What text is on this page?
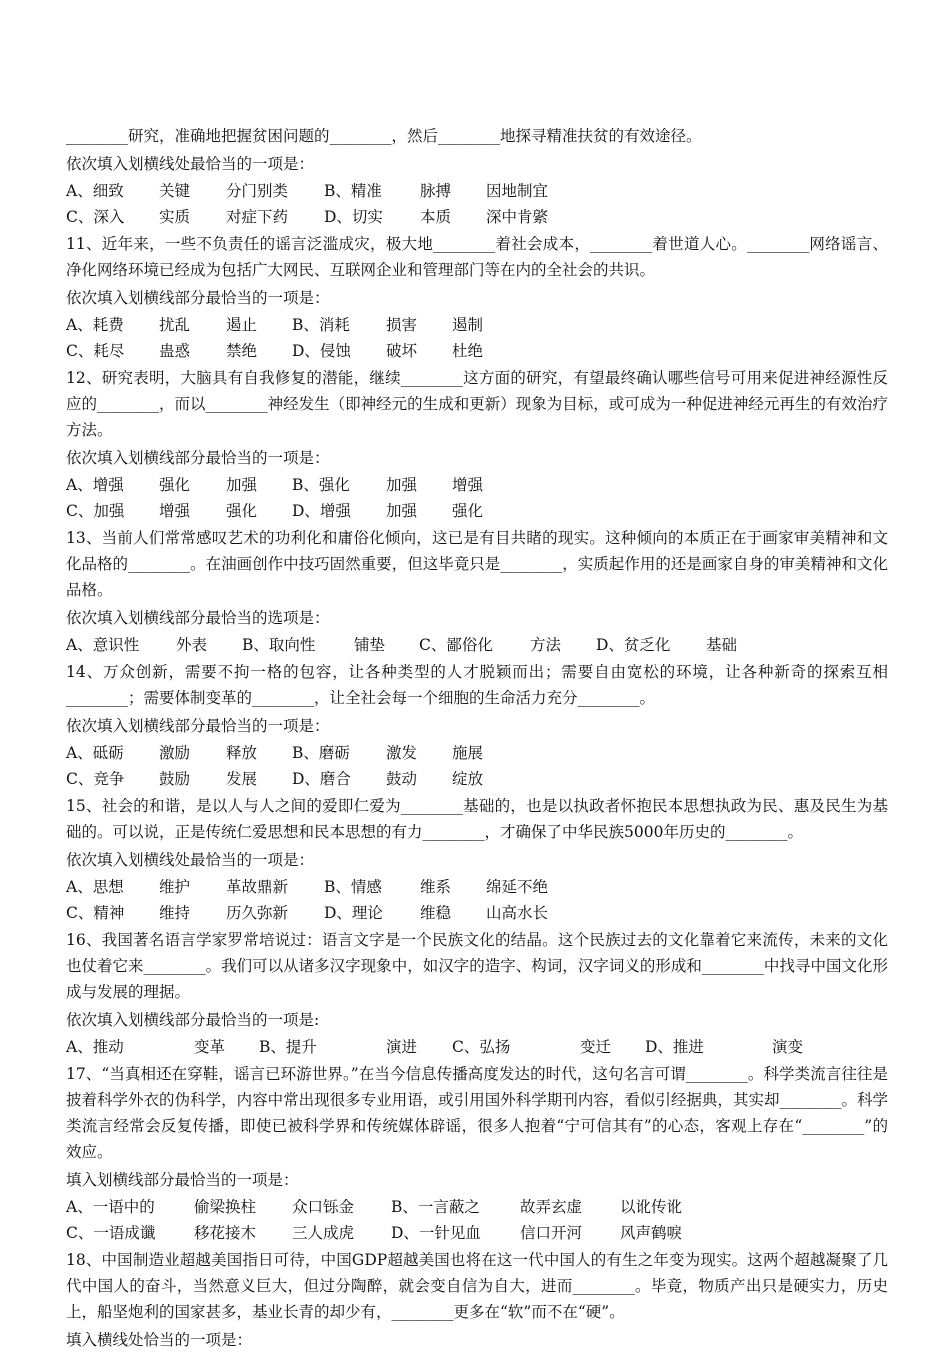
________研究，准确地把握贫困问题的________，然后________地探寻精准扶贫的有效途径。

依次填入划横线处最恰当的一项是：

A、细致 关键 分门别类 B、精准 脉搏 因地制宜
C、深入 实质 对症下药 D、切实 本质 深中肯綮

11、近年来，一些不负责任的谣言泛滥成灾，极大地________着社会成本，________着世道人心。________网络谣言、净化网络环境已经成为包括广大网民、互联网企业和管理部门等在内的全社会的共识。

依次填入划横线部分最恰当的一项是：

A、耗费 扰乱 遏止 B、消耗 损害 遏制
C、耗尽 蛊惑 禁绝 D、侵蚀 破坏 杜绝

12、研究表明，大脑具有自我修复的潜能，继续________这方面的研究，有望最终确认哪些信号可用来促进神经源性反应的________，而以________神经发生（即神经元的生成和更新）现象为目标，或可成为一种促进神经元再生的有效治疗方法。

依次填入划横线部分最恰当的一项是：

A、增强 强化 加强 B、强化 加强 增强
C、加强 增强 强化 D、增强 加强 强化

13、当前人们常常感叹艺术的功利化和庸俗化倾向，这已是有目共睹的现实。这种倾向的本质正在于画家审美精神和文化品格的________。在油画创作中技巧固然重要，但这毕竟只是________，实质起作用的还是画家自身的审美精神和文化品格。

依次填入划横线部分最恰当的选项是：

A、意识性 外表 B、取向性 铺垫 C、鄙俗化 方法 D、贫乏化 基础

14、万众创新，需要不拘一格的包容，让各种类型的人才脱颖而出；需要自由宽松的环境，让各种新奇的探索互相________；需要体制变革的________，让全社会每一个细胞的生命活力充分________。

依次填入划横线部分最恰当的一项是：

A、砥砺 激励 释放 B、磨砺 激发 施展
C、竞争 鼓励 发展 D、磨合 鼓动 绽放

15、社会的和谐，是以人与人之间的爱即仁爱为________基础的，也是以执政者怀抱民本思想执政为民、惠及民生为基础的。可以说，正是传统仁爱思想和民本思想的有力________，才确保了中华民族5000年历史的________。

依次填入划横线处最恰当的一项是：

A、思想 维护 革故鼎新 B、情感 维系 绵延不绝
C、精神 维持 历久弥新 D、理论 维稳 山高水长

16、我国著名语言学家罗常培说过：语言文字是一个民族文化的结晶。这个民族过去的文化靠着它来流传，未来的文化也仗着它来________。我们可以从诸多汉字现象中，如汉字的造字、构词，汉字词义的形成和________中找寻中国文化形成与发展的理据。

依次填入划横线部分最恰当的一项是:

A、推动	变革 B、提升	演进 C、弘扬	变迁 D、推进	演变

17、“当真相还在穿鞋，谣言已环游世界。”在当今信息传播高度发达的时代，这句名言可谓________。科学类流言往往是披着科学外衣的伪科学，内容中常出现很多专业用语，或引用国外科学期刊内容，看似引经据典，其实却________。科学类流言经常会反复传播，即使已被科学界和传统媒体辟谣，很多人抱着“宁可信其有”的心态，客观上存在“________”的效应。

填入划横线部分最恰当的一项是：

A、一语中的	偷梁换柱 众口铄金 B、一言蔽之	故弄玄虚 以讹传讹
C、一语成谶 移花接木 三人成虎 D、一针见血	信口开河 风声鹤唳

18、中国制造业超越美国指日可待，中国GDP超越美国也将在这一代中国人的有生之年变为现实。这两个超越凝聚了几代中国人的奋斗，当然意义巨大，但过分陶醉，就会变自信为自大，进而________。毕竟，物质产出只是硬实力，历史上，船坚炮利的国家甚多，基业长青的却少有，________更多在“软”而不在“硬”。

填入横线处恰当的一项是：
